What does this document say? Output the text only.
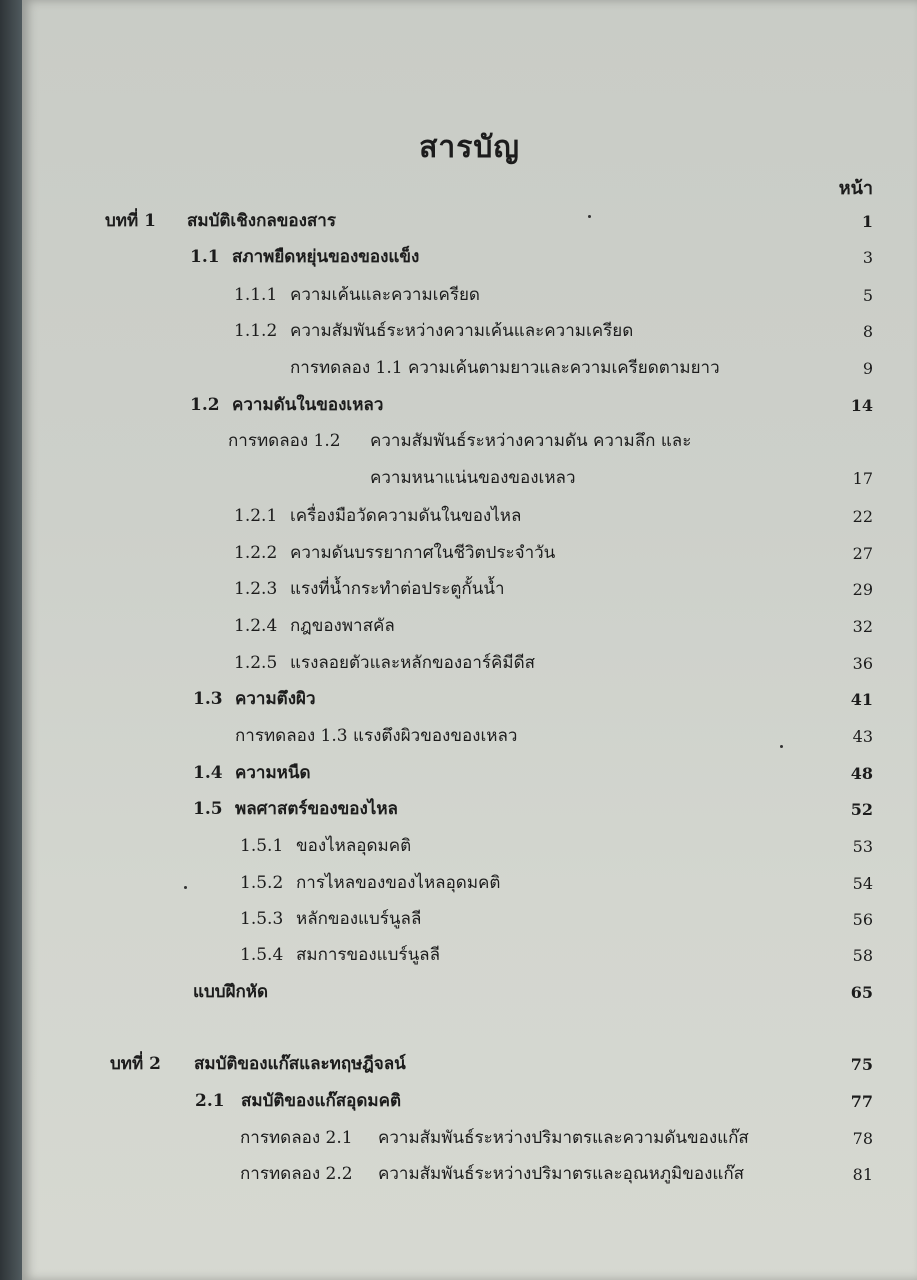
สารบัญ
หน้า
บทที่ 1 สมบัติเชิงกลของสาร	1
1.1 สภาพยืดหยุ่นของของแข็ง	3
1.1.1 ความเค้นและความเครียด	5
1.1.2 ความสัมพันธ์ระหว่างความเค้นและความเครียด	8
การทดลอง 1.1 ความเค้นตามยาวและความเครียดตามยาว	9
1.2 ความดันในของเหลว	14
การทดลอง 1.2 ความสัมพันธ์ระหว่างความดัน ความลึก และ
ความหนาแน่นของของเหลว	17
1.2.1 เครื่องมือวัดความดันในของไหล	22
1.2.2 ความดันบรรยากาศในชีวิตประจำวัน	27
1.2.3 แรงที่น้ำกระทำต่อประตูกั้นน้ำ	29
1.2.4 กฎของพาสคัล	32
1.2.5 แรงลอยตัวและหลักของอาร์คิมีดีส	36
1.3 ความตึงผิว	41
การทดลอง 1.3 แรงตึงผิวของของเหลว	43
1.4 ความหนืด	48
1.5 พลศาสตร์ของของไหล	52
1.5.1 ของไหลอุดมคติ	53
1.5.2 การไหลของของไหลอุดมคติ	54
1.5.3 หลักของแบร์นูลลี	56
1.5.4 สมการของแบร์นูลลี	58
แบบฝึกหัด	65
บทที่ 2 สมบัติของแก๊สและทฤษฎีจลน์	75
2.1 สมบัติของแก๊สอุดมคติ	77
การทดลอง 2.1 ความสัมพันธ์ระหว่างปริมาตรและความดันของแก๊ส	78
การทดลอง 2.2 ความสัมพันธ์ระหว่างปริมาตรและอุณหภูมิของแก๊ส	81
